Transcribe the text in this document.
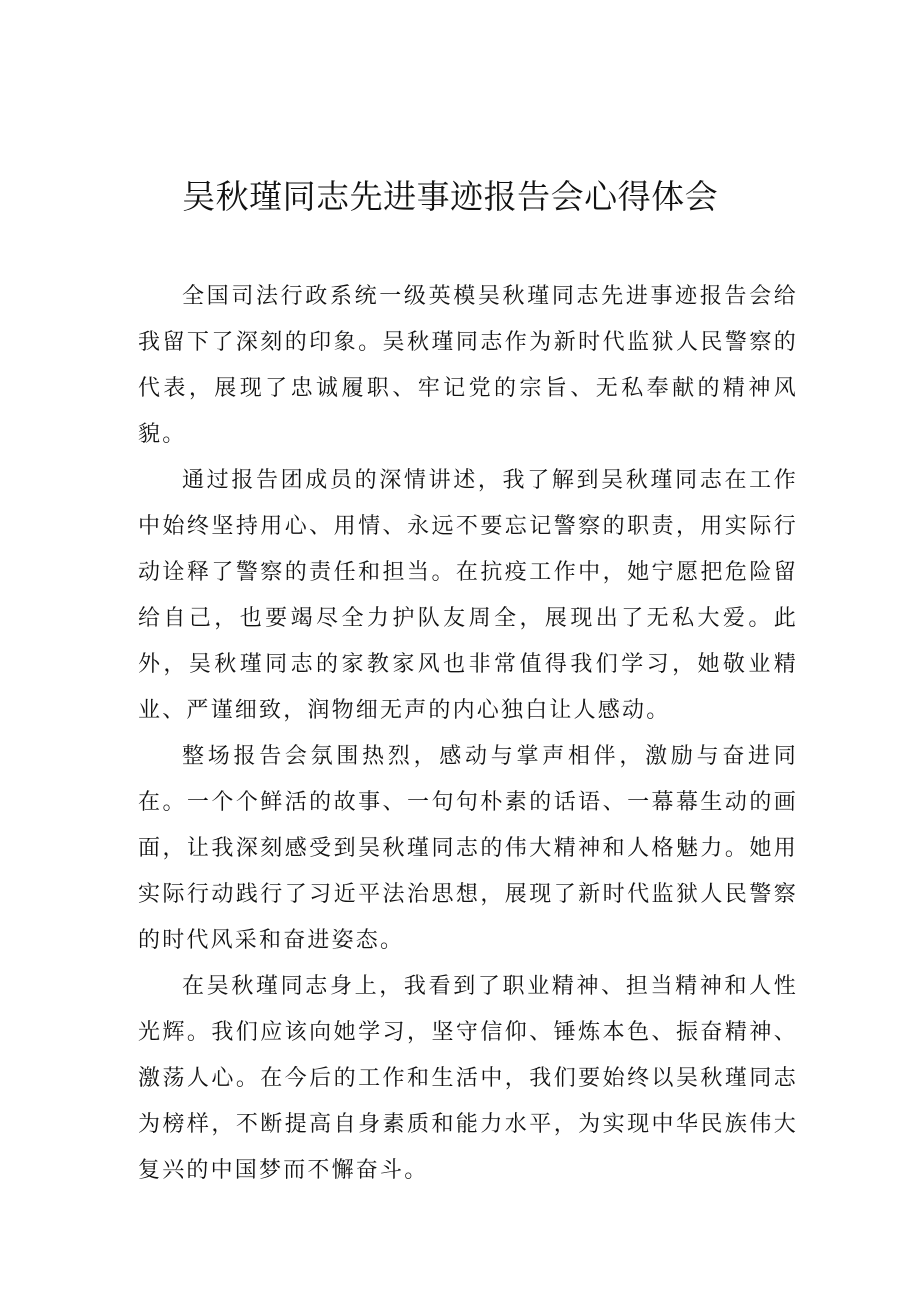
吴秋瑾同志先进事迹报告会心得体会

全国司法行政系统一级英模吴秋瑾同志先进事迹报告会给我留下了深刻的印象。吴秋瑾同志作为新时代监狱人民警察的代表，展现了忠诚履职、牢记党的宗旨、无私奉献的精神风貌。

通过报告团成员的深情讲述，我了解到吴秋瑾同志在工作中始终坚持用心、用情、永远不要忘记警察的职责，用实际行动诠释了警察的责任和担当。在抗疫工作中，她宁愿把危险留给自己，也要竭尽全力护队友周全，展现出了无私大爱。此外，吴秋瑾同志的家教家风也非常值得我们学习，她敬业精业、严谨细致，润物细无声的内心独白让人感动。

整场报告会氛围热烈，感动与掌声相伴，激励与奋进同在。一个个鲜活的故事、一句句朴素的话语、一幕幕生动的画面，让我深刻感受到吴秋瑾同志的伟大精神和人格魅力。她用实际行动践行了习近平法治思想，展现了新时代监狱人民警察的时代风采和奋进姿态。

在吴秋瑾同志身上，我看到了职业精神、担当精神和人性光辉。我们应该向她学习，坚守信仰、锤炼本色、振奋精神、激荡人心。在今后的工作和生活中，我们要始终以吴秋瑾同志为榜样，不断提高自身素质和能力水平，为实现中华民族伟大复兴的中国梦而不懈奋斗。
